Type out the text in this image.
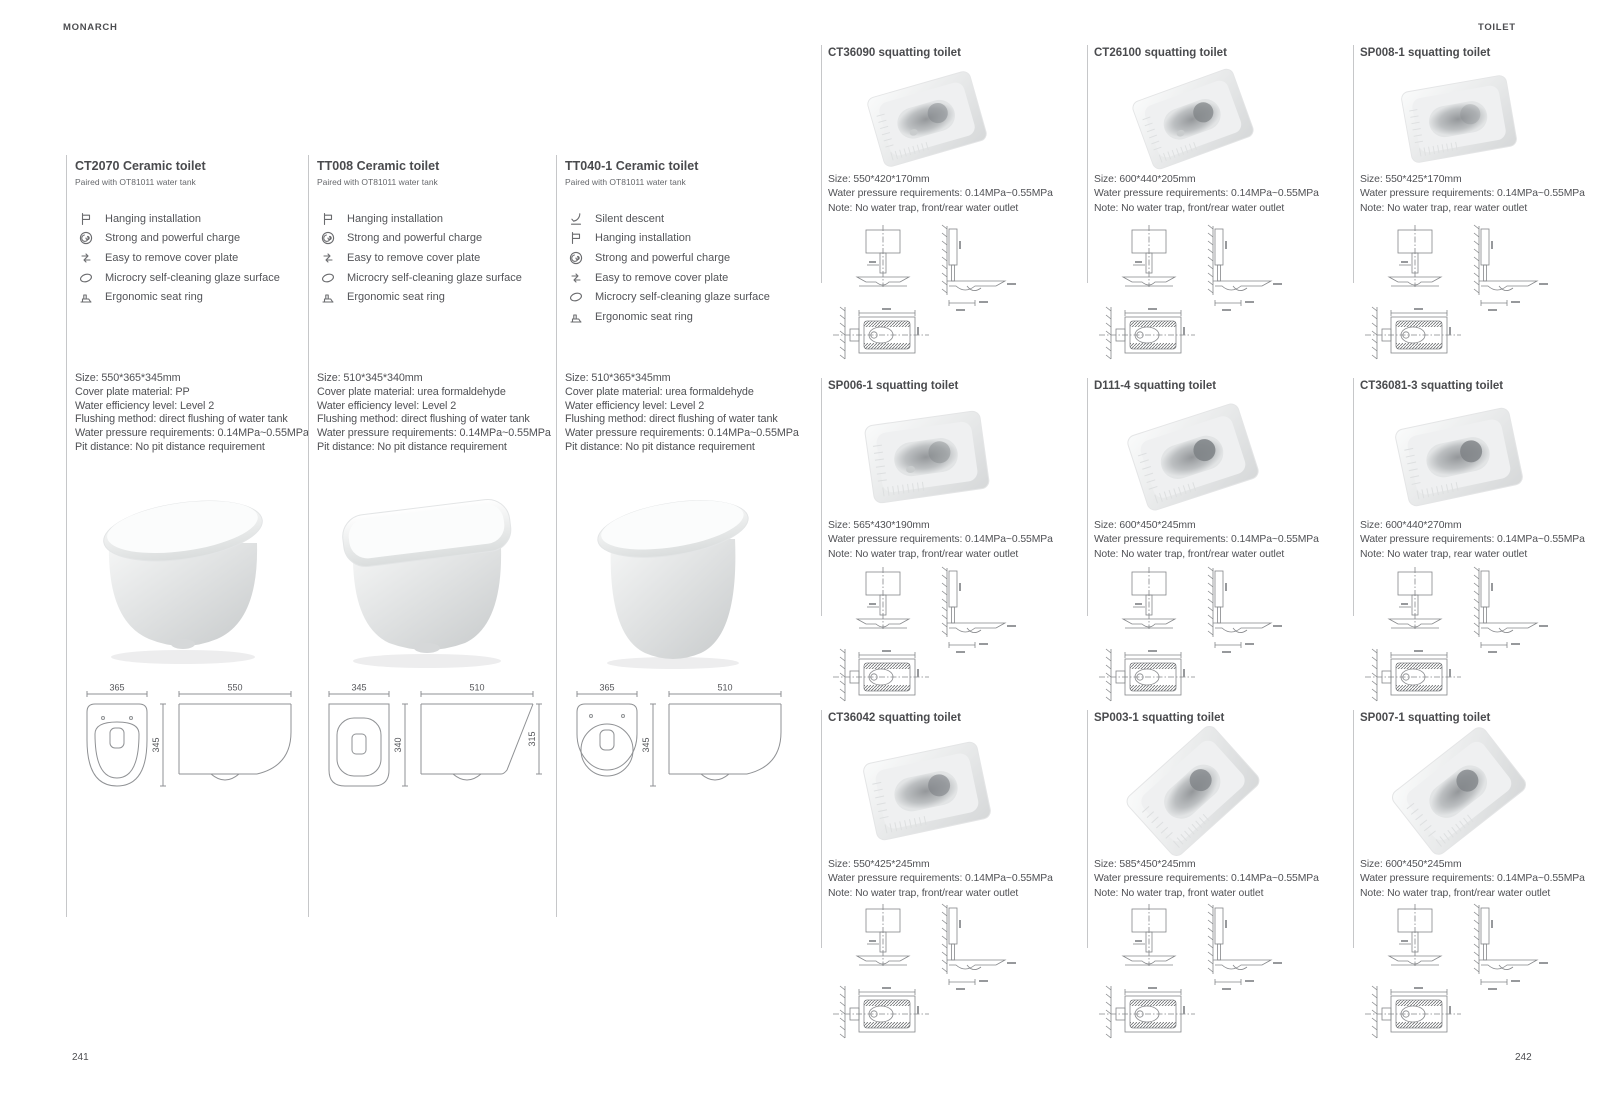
MONARCH	TOILET
241	242
CT2070 Ceramic toilet
Paired with OT81011 water tank
Hanging installation
Strong and powerful charge
Easy to remove cover plate
Microcry self-cleaning glaze surface
Ergonomic seat ring
Size: 550*365*345mm
Cover plate material: PP
Water efficiency level: Level 2
Flushing method: direct flushing of water tank
Water pressure requirements: 0.14MPa~0.55MPa
Pit distance: No pit distance requirement
365	550
345
TT008 Ceramic toilet
Paired with OT81011 water tank
Hanging installation
Strong and powerful charge
Easy to remove cover plate
Microcry self-cleaning glaze surface
Ergonomic seat ring
Size: 510*345*340mm
Cover plate material: urea formaldehyde
Water efficiency level: Level 2
Flushing method: direct flushing of water tank
Water pressure requirements: 0.14MPa~0.55MPa
Pit distance: No pit distance requirement
315
345	510
340
TT040-1 Ceramic toilet
Paired with OT81011 water tank
Silent descent
Hanging installation
Strong and powerful charge
Easy to remove cover plate
Microcry self-cleaning glaze surface
Ergonomic seat ring
Size: 510*365*345mm
Cover plate material: urea formaldehyde
Water efficiency level: Level 2
Flushing method: direct flushing of water tank
Water pressure requirements: 0.14MPa~0.55MPa
Pit distance: No pit distance requirement
365	510
345
CT36090 squatting toilet
Size: 550*420*170mm
Water pressure requirements: 0.14MPa~0.55MPa
Note: No water trap, front/rear water outlet
CT26100 squatting toilet
Size: 600*440*205mm
Water pressure requirements: 0.14MPa~0.55MPa
Note: No water trap, front/rear water outlet
SP008-1 squatting toilet
Size: 550*425*170mm
Water pressure requirements: 0.14MPa~0.55MPa
Note: No water trap, rear water outlet
SP006-1 squatting toilet
Size: 565*430*190mm
Water pressure requirements: 0.14MPa~0.55MPa
Note: No water trap, front/rear water outlet
D111-4 squatting toilet
Size: 600*450*245mm
Water pressure requirements: 0.14MPa~0.55MPa
Note: No water trap, front/rear water outlet
CT36081-3 squatting toilet
Size: 600*440*270mm
Water pressure requirements: 0.14MPa~0.55MPa
Note: No water trap, rear water outlet
CT36042 squatting toilet
Size: 550*425*245mm
Water pressure requirements: 0.14MPa~0.55MPa
Note: No water trap, front/rear water outlet
SP003-1 squatting toilet
Size: 585*450*245mm
Water pressure requirements: 0.14MPa~0.55MPa
Note: No water trap, front water outlet
SP007-1 squatting toilet
Size: 600*450*245mm
Water pressure requirements: 0.14MPa~0.55MPa
Note: No water trap, front/rear water outlet
